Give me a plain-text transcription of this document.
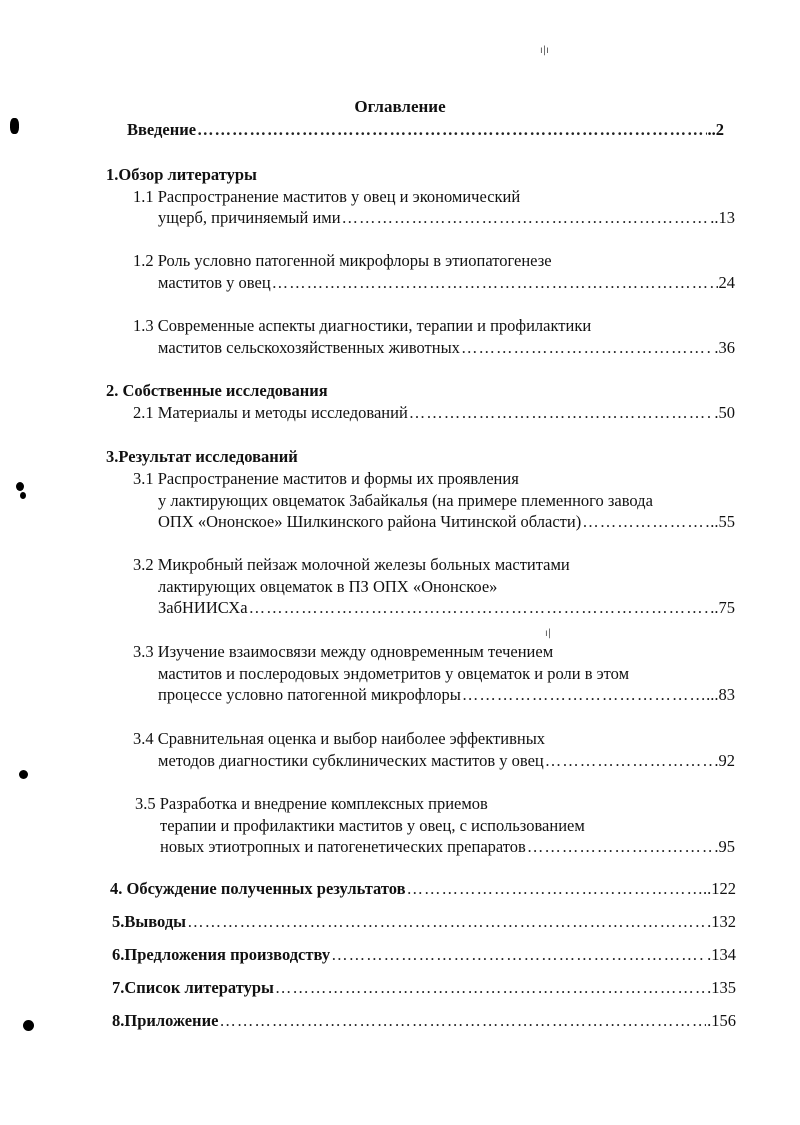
ı|ı
Оглавление
Введение ………………………………………………………………………………………………………………………………………………………	..2
1.Обзор литературы
1.1 Распространение маститов у овец и экономический
ущерб, причиняемый ими ………………………………………………………………………………………………………………………………………………………	..13
1.2 Роль условно патогенной микрофлоры в этиопатогенезе
маститов у овец ………………………………………………………………………………………………………………………………………………………	24
1.3 Современные аспекты диагностики, терапии и профилактики
маститов сельскохозяйственных животных ………………………………………………………………………………………………………………………………………………………	.36
2. Собственные исследования
2.1 Материалы и методы исследований ………………………………………………………………………………………………………………………………………………………	.50
3.Результат исследований
3.1 Распространение маститов и формы их проявления
у лактирующих овцематок Забайкалья (на примере племенного завода
ОПХ «Ононское» Шилкинского района Читинской области) ………………………………………………………………………………………………………………………………………………………	..55
3.2 Микробный пейзаж молочной железы больных маститами
лактирующих овцематок в ПЗ ОПХ «Ононское»
ЗабНИИСХа ………………………………………………………………………………………………………………………………………………………	..75
ı|
3.3 Изучение взаимосвязи между одновременным течением
маститов и послеродовых эндометритов у овцематок и роли в этом
процессе условно патогенной микрофлоры ………………………………………………………………………………………………………………………………………………………	...83
3.4 Сравнительная оценка и выбор наиболее эффективных
методов диагностики субклинических маститов у овец ………………………………………………………………………………………………………………………………………………………	.92
3.5 Разработка и внедрение комплексных приемов
терапии и профилактики маститов у овец, с использованием
новых этиотропных и патогенетических препаратов ………………………………………………………………………………………………………………………………………………………	.95
4. Обсуждение полученных результатов ………………………………………………………………………………………………………………………………………………………	..122
5.Выводы ………………………………………………………………………………………………………………………………………………………	.132
6.Предложения производству ………………………………………………………………………………………………………………………………………………………	.134
7.Список литературы ………………………………………………………………………………………………………………………………………………………	.135
8.Приложение ………………………………………………………………………………………………………………………………………………………	.156
